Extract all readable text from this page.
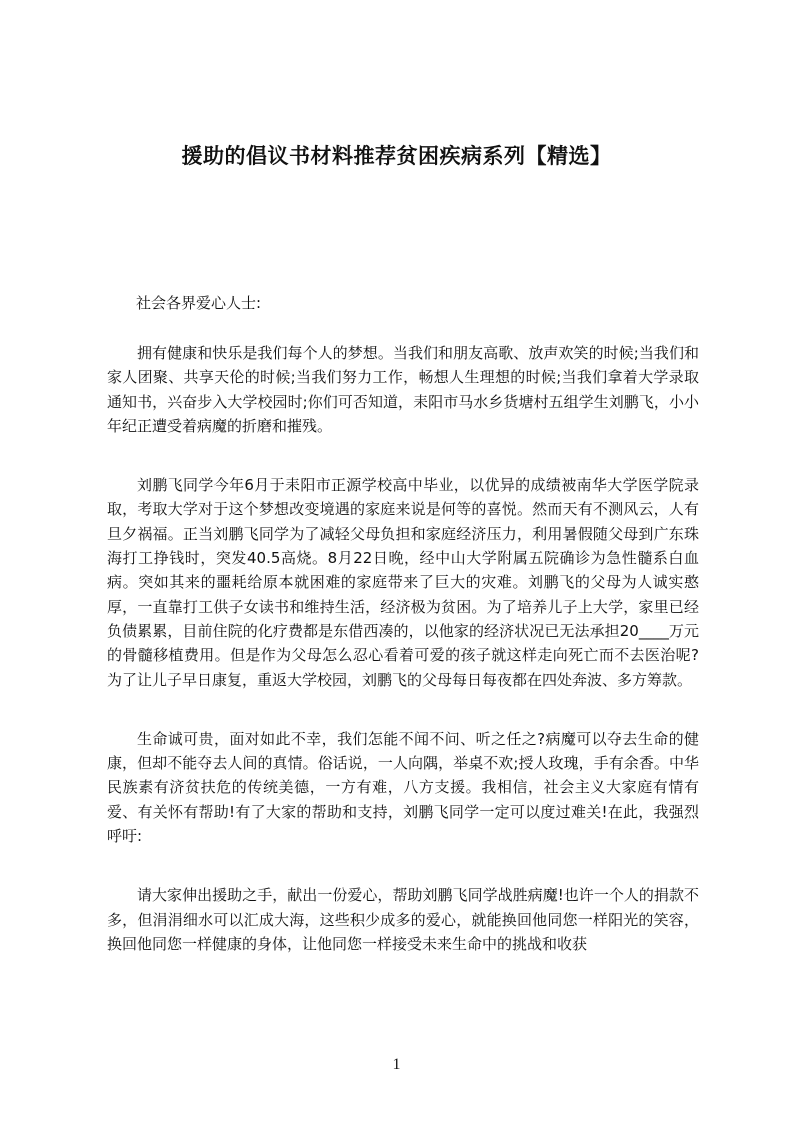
援助的倡议书材料推荐贫困疾病系列【精选】

社会各界爱心人士:

拥有健康和快乐是我们每个人的梦想。当我们和朋友高歌、放声欢笑的时候;当我们和家人团聚、共享天伦的时候;当我们努力工作，畅想人生理想的时候;当我们拿着大学录取通知书，兴奋步入大学校园时;你们可否知道，耒阳市马水乡货塘村五组学生刘鹏飞，小小年纪正遭受着病魔的折磨和摧残。

刘鹏飞同学今年6月于耒阳市正源学校高中毕业，以优异的成绩被南华大学医学院录取，考取大学对于这个梦想改变境遇的家庭来说是何等的喜悦。然而天有不测风云，人有旦夕祸福。正当刘鹏飞同学为了减轻父母负担和家庭经济压力，利用暑假随父母到广东珠海打工挣钱时，突发40.5高烧。8月22日晚，经中山大学附属五院确诊为急性髓系白血病。突如其来的噩耗给原本就困难的家庭带来了巨大的灾难。刘鹏飞的父母为人诚实憨厚，一直靠打工供子女读书和维持生活，经济极为贫困。为了培养儿子上大学，家里已经负债累累，目前住院的化疗费都是东借西凑的，以他家的经济状况已无法承担20____万元的骨髓移植费用。但是作为父母怎么忍心看着可爱的孩子就这样走向死亡而不去医治呢?为了让儿子早日康复，重返大学校园，刘鹏飞的父母每日每夜都在四处奔波、多方筹款。

生命诚可贵，面对如此不幸，我们怎能不闻不问、听之任之?病魔可以夺去生命的健康，但却不能夺去人间的真情。俗话说，一人向隅，举桌不欢;授人玫瑰，手有余香。中华民族素有济贫扶危的传统美德，一方有难，八方支援。我相信，社会主义大家庭有情有爱、有关怀有帮助!有了大家的帮助和支持，刘鹏飞同学一定可以度过难关!在此，我强烈呼吁:

请大家伸出援助之手，献出一份爱心，帮助刘鹏飞同学战胜病魔!也许一个人的捐款不多，但涓涓细水可以汇成大海，这些积少成多的爱心，就能换回他同您一样阳光的笑容，换回他同您一样健康的身体，让他同您一样接受未来生命中的挑战和收获

1
